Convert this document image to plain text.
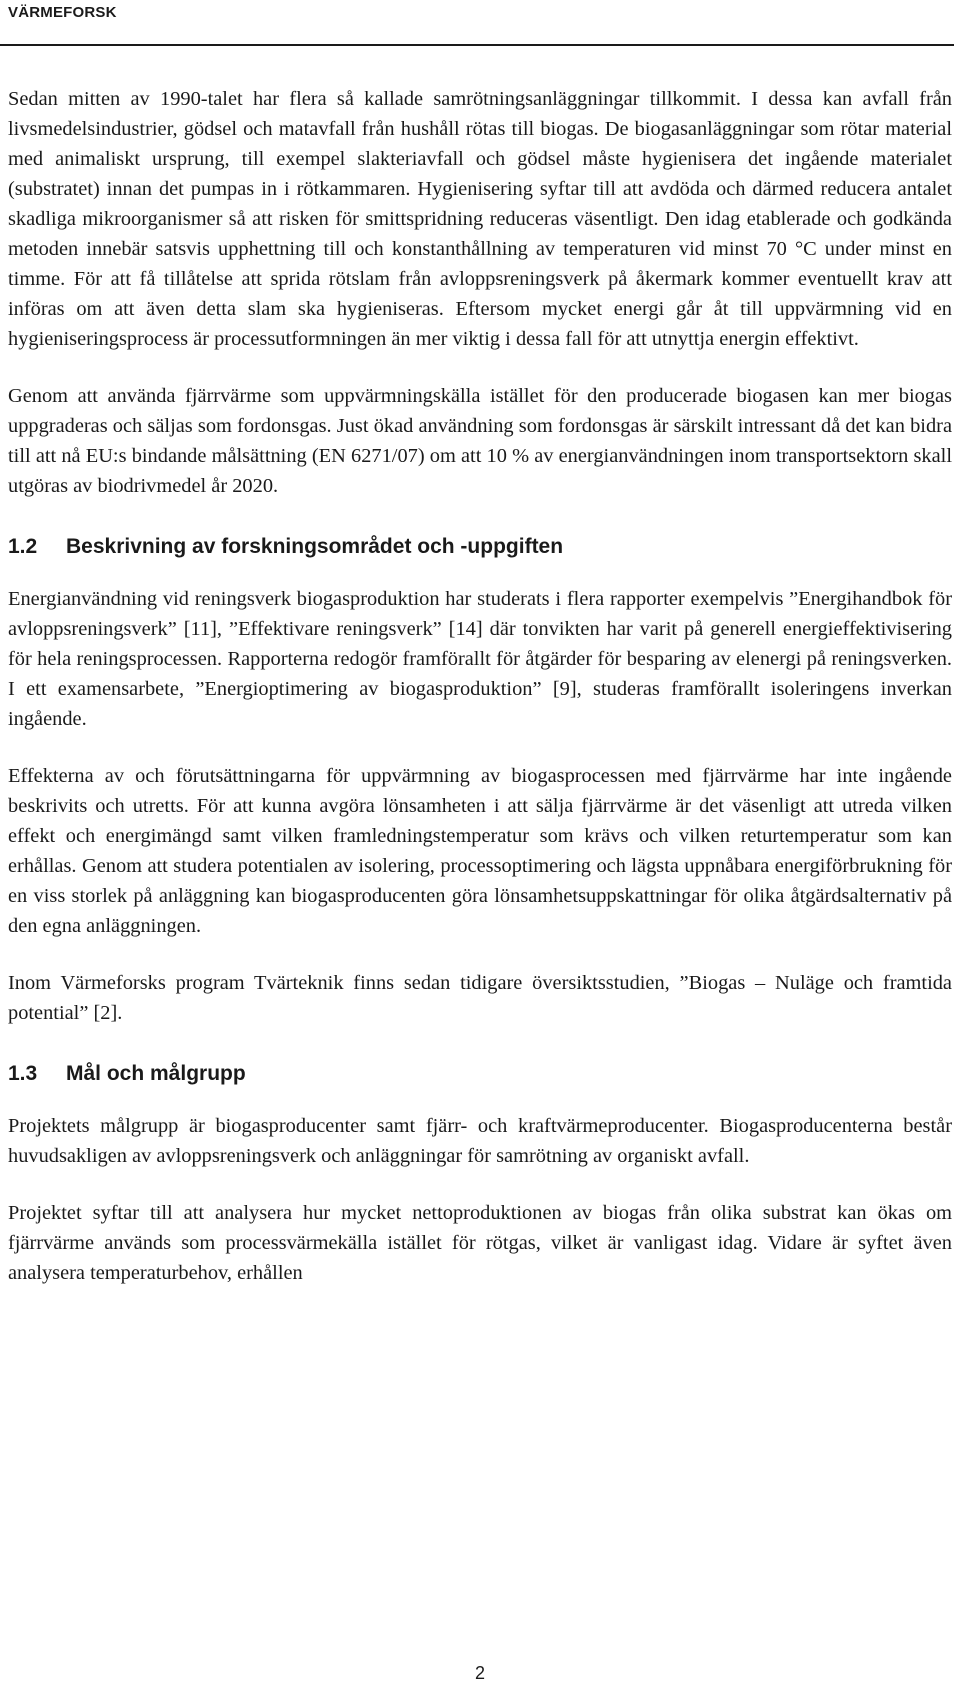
VÄRMEFORSK

Sedan mitten av 1990-talet har flera så kallade samrötningsanläggningar tillkommit. I dessa kan avfall från livsmedelsindustrier, gödsel och matavfall från hushåll rötas till biogas. De biogasanläggningar som rötar material med animaliskt ursprung, till exempel slakteriavfall och gödsel måste hygienisera det ingående materialet (substratet) innan det pumpas in i rötkammaren. Hygienisering syftar till att avdöda och därmed reducera antalet skadliga mikroorganismer så att risken för smittspridning reduceras väsentligt. Den idag etablerade och godkända metoden innebär satsvis upphettning till och konstanthållning av temperaturen vid minst 70 °C under minst en timme. För att få tillåtelse att sprida rötslam från avloppsreningsverk på åkermark kommer eventuellt krav att införas om att även detta slam ska hygieniseras. Eftersom mycket energi går åt till uppvärmning vid en hygieniseringsprocess är processutformningen än mer viktig i dessa fall för att utnyttja energin effektivt.

Genom att använda fjärrvärme som uppvärmningskälla istället för den producerade biogasen kan mer biogas uppgraderas och säljas som fordonsgas. Just ökad användning som fordonsgas är särskilt intressant då det kan bidra till att nå EU:s bindande målsättning (EN 6271/07) om att 10 % av energianvändningen inom transportsektorn skall utgöras av biodrivmedel år 2020.

1.2 Beskrivning av forskningsområdet och -uppgiften

Energianvändning vid reningsverk biogasproduktion har studerats i flera rapporter exempelvis ”Energihandbok för avloppsreningsverk” [11], ”Effektivare reningsverk” [14] där tonvikten har varit på generell energieffektivisering för hela reningsprocessen. Rapporterna redogör framförallt för åtgärder för besparing av elenergi på reningsverken. I ett examensarbete, ”Energioptimering av biogasproduktion” [9], studeras framförallt isoleringens inverkan ingående.

Effekterna av och förutsättningarna för uppvärmning av biogasprocessen med fjärrvärme har inte ingående beskrivits och utretts. För att kunna avgöra lönsamheten i att sälja fjärrvärme är det väsenligt att utreda vilken effekt och energimängd samt vilken framledningstemperatur som krävs och vilken returtemperatur som kan erhållas. Genom att studera potentialen av isolering, processoptimering och lägsta uppnåbara energiförbrukning för en viss storlek på anläggning kan biogasproducenten göra lönsamhetsuppskattningar för olika åtgärdsalternativ på den egna anläggningen.

Inom Värmeforsks program Tvärteknik finns sedan tidigare översiktsstudien, ”Biogas – Nuläge och framtida potential” [2].

1.3 Mål och målgrupp

Projektets målgrupp är biogasproducenter samt fjärr- och kraftvärmeproducenter. Biogasproducenterna består huvudsakligen av avloppsreningsverk och anläggningar för samrötning av organiskt avfall.

Projektet syftar till att analysera hur mycket nettoproduktionen av biogas från olika substrat kan ökas om fjärrvärme används som processvärmekälla istället för rötgas, vilket är vanligast idag. Vidare är syftet även analysera temperaturbehov, erhållen

2
